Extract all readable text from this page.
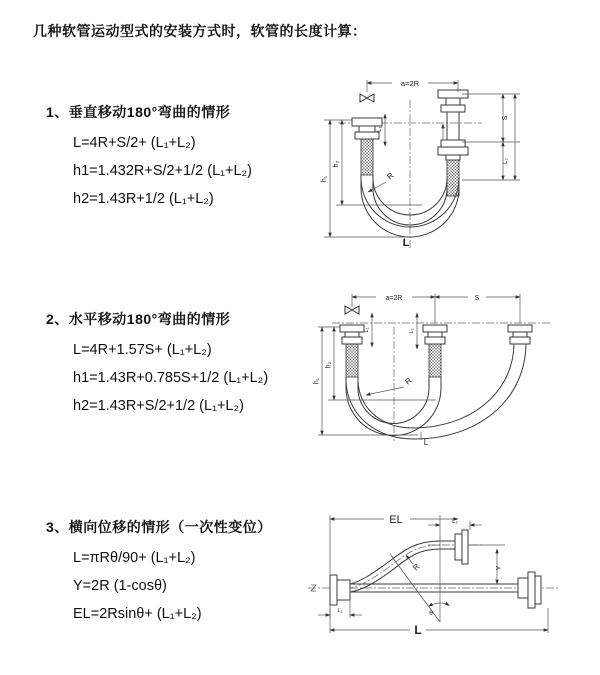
几种软管运动型式的安装方式时，软管的长度计算：
1、垂直移动180°弯曲的情形
L=4R+S/2+ (L₁+L₂)
h1=1.432R+S/2+1/2 (L₁+L₂)
h2=1.43R+1/2 (L₁+L₂)
2、水平移动180°弯曲的情形
L=4R+1.57S+ (L₁+L₂)
h1=1.43R+0.785S+1/2 (L₁+L₂)
h2=1.43R+S/2+1/2 (L₁+L₂)
3、横向位移的情形（一次性变位）
L=πRθ/90+ (L₁+L₂)
Y=2R (1-cosθ)
EL=2Rsinθ+ (L₁+L₂)
a=2R
h₁
h₂
L₁
S
L₂
R
L
a=2R	S
h₁
h₂
L₁	L₂
R
L
θ
EL	L₂
Y
R
L₁
L
